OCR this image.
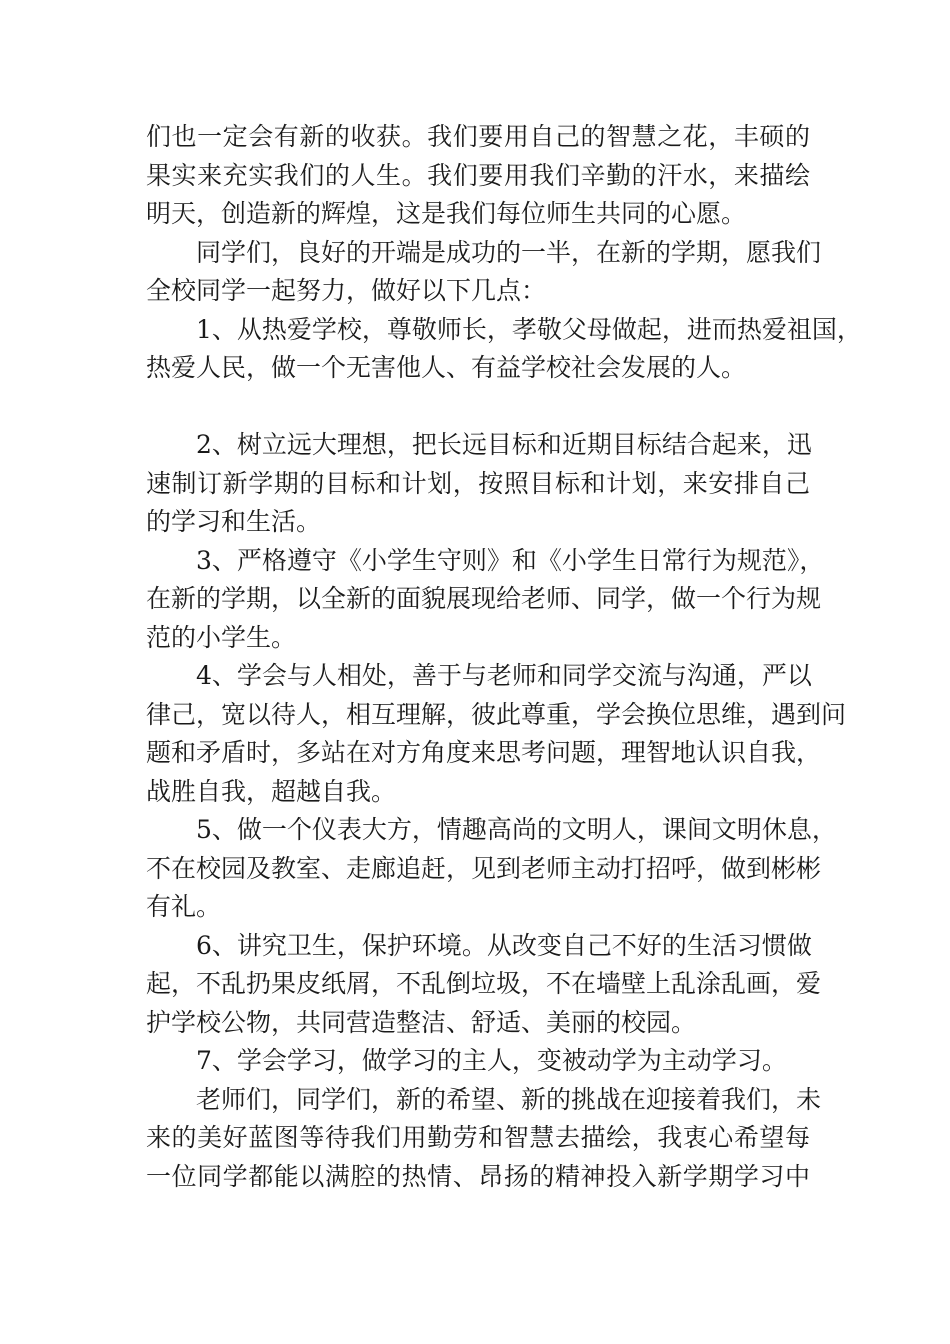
们也一定会有新的收获。我们要用自己的智慧之花，丰硕的
果实来充实我们的人生。我们要用我们辛勤的汗水，来描绘
明天，创造新的辉煌，这是我们每位师生共同的心愿。
同学们，良好的开端是成功的一半，在新的学期，愿我们
全校同学一起努力，做好以下几点：
1、从热爱学校，尊敬师长，孝敬父母做起，进而热爱祖国，
热爱人民，做一个无害他人、有益学校社会发展的人。
2、树立远大理想，把长远目标和近期目标结合起来，迅
速制订新学期的目标和计划，按照目标和计划，来安排自己
的学习和生活。
3、严格遵守《小学生守则》和《小学生日常行为规范》，
在新的学期，以全新的面貌展现给老师、同学，做一个行为规
范的小学生。
4、学会与人相处，善于与老师和同学交流与沟通，严以
律己，宽以待人，相互理解，彼此尊重，学会换位思维，遇到问
题和矛盾时，多站在对方角度来思考问题，理智地认识自我，
战胜自我，超越自我。
5、做一个仪表大方，情趣高尚的文明人，课间文明休息，
不在校园及教室、走廊追赶，见到老师主动打招呼，做到彬彬
有礼。
6、讲究卫生，保护环境。从改变自己不好的生活习惯做
起，不乱扔果皮纸屑，不乱倒垃圾，不在墙壁上乱涂乱画，爱
护学校公物，共同营造整洁、舒适、美丽的校园。
7、学会学习，做学习的主人，变被动学为主动学习。
老师们，同学们，新的希望、新的挑战在迎接着我们，未
来的美好蓝图等待我们用勤劳和智慧去描绘，我衷心希望每
一位同学都能以满腔的热情、昂扬的精神投入新学期学习中
